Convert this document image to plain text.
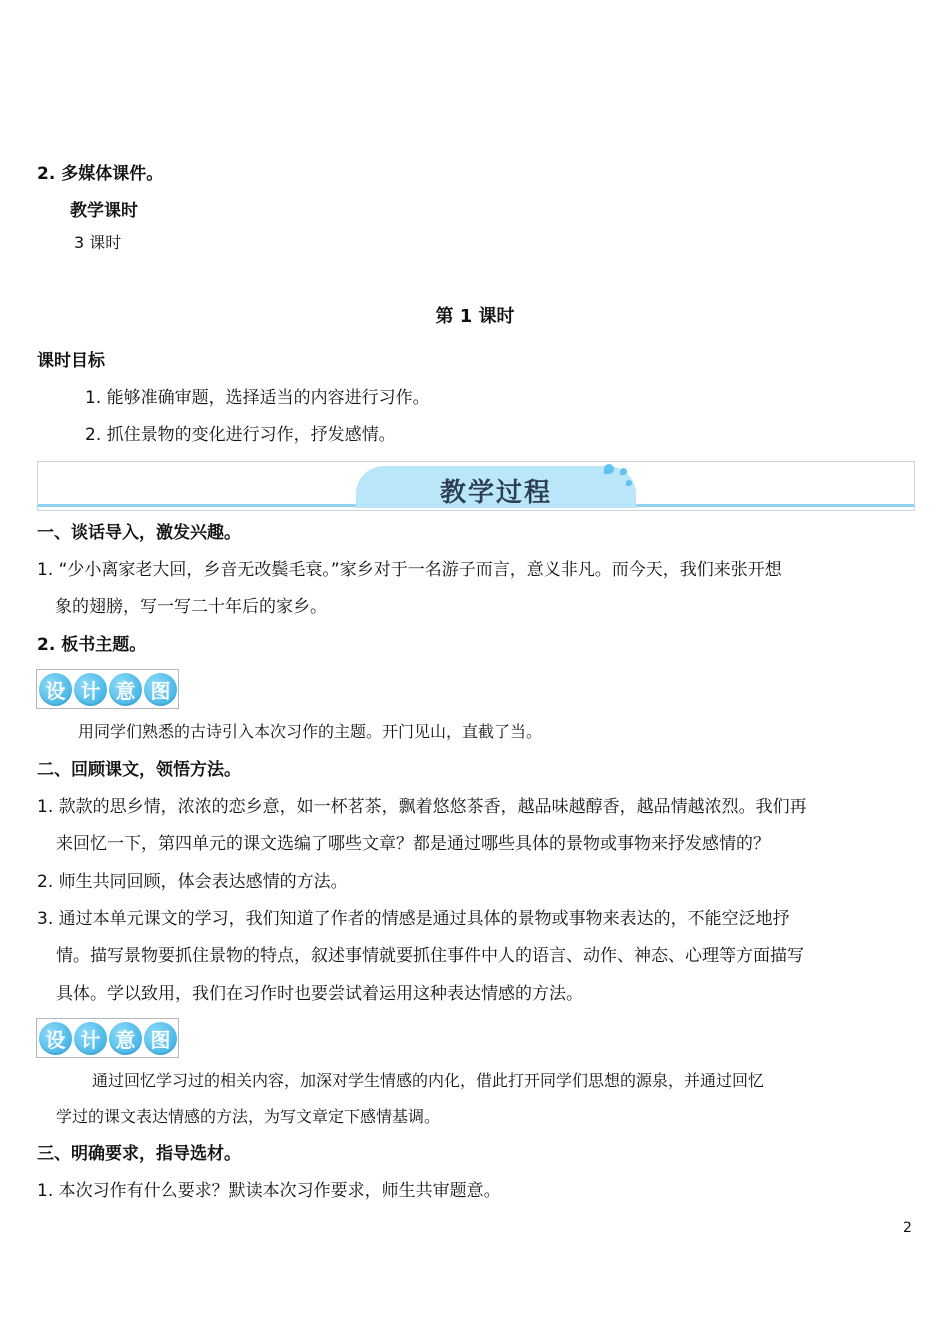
2. 多媒体课件。
教学课时
3 课时
第 1 课时
课时目标
1. 能够准确审题，选择适当的内容进行习作。
2. 抓住景物的变化进行习作，抒发感情。
教学过程
一、谈话导入，激发兴趣。
1. “少小离家老大回，乡音无改鬓毛衰。”家乡对于一名游子而言，意义非凡。而今天，我们来张开想
象的翅膀，写一写二十年后的家乡。
2. 板书主题。
设 计 意 图
用同学们熟悉的古诗引入本次习作的主题。开门见山，直截了当。
二、回顾课文，领悟方法。
1. 款款的思乡情，浓浓的恋乡意，如一杯茗茶，飘着悠悠茶香，越品味越醇香，越品情越浓烈。我们再
来回忆一下，第四单元的课文选编了哪些文章？都是通过哪些具体的景物或事物来抒发感情的？
2. 师生共同回顾，体会表达感情的方法。
3. 通过本单元课文的学习，我们知道了作者的情感是通过具体的景物或事物来表达的，不能空泛地抒
情。描写景物要抓住景物的特点，叙述事情就要抓住事件中人的语言、动作、神态、心理等方面描写
具体。学以致用，我们在习作时也要尝试着运用这种表达情感的方法。
设 计 意 图
通过回忆学习过的相关内容，加深对学生情感的内化，借此打开同学们思想的源泉，并通过回忆
学过的课文表达情感的方法，为写文章定下感情基调。
三、明确要求，指导选材。
1. 本次习作有什么要求？默读本次习作要求，师生共审题意。
2
